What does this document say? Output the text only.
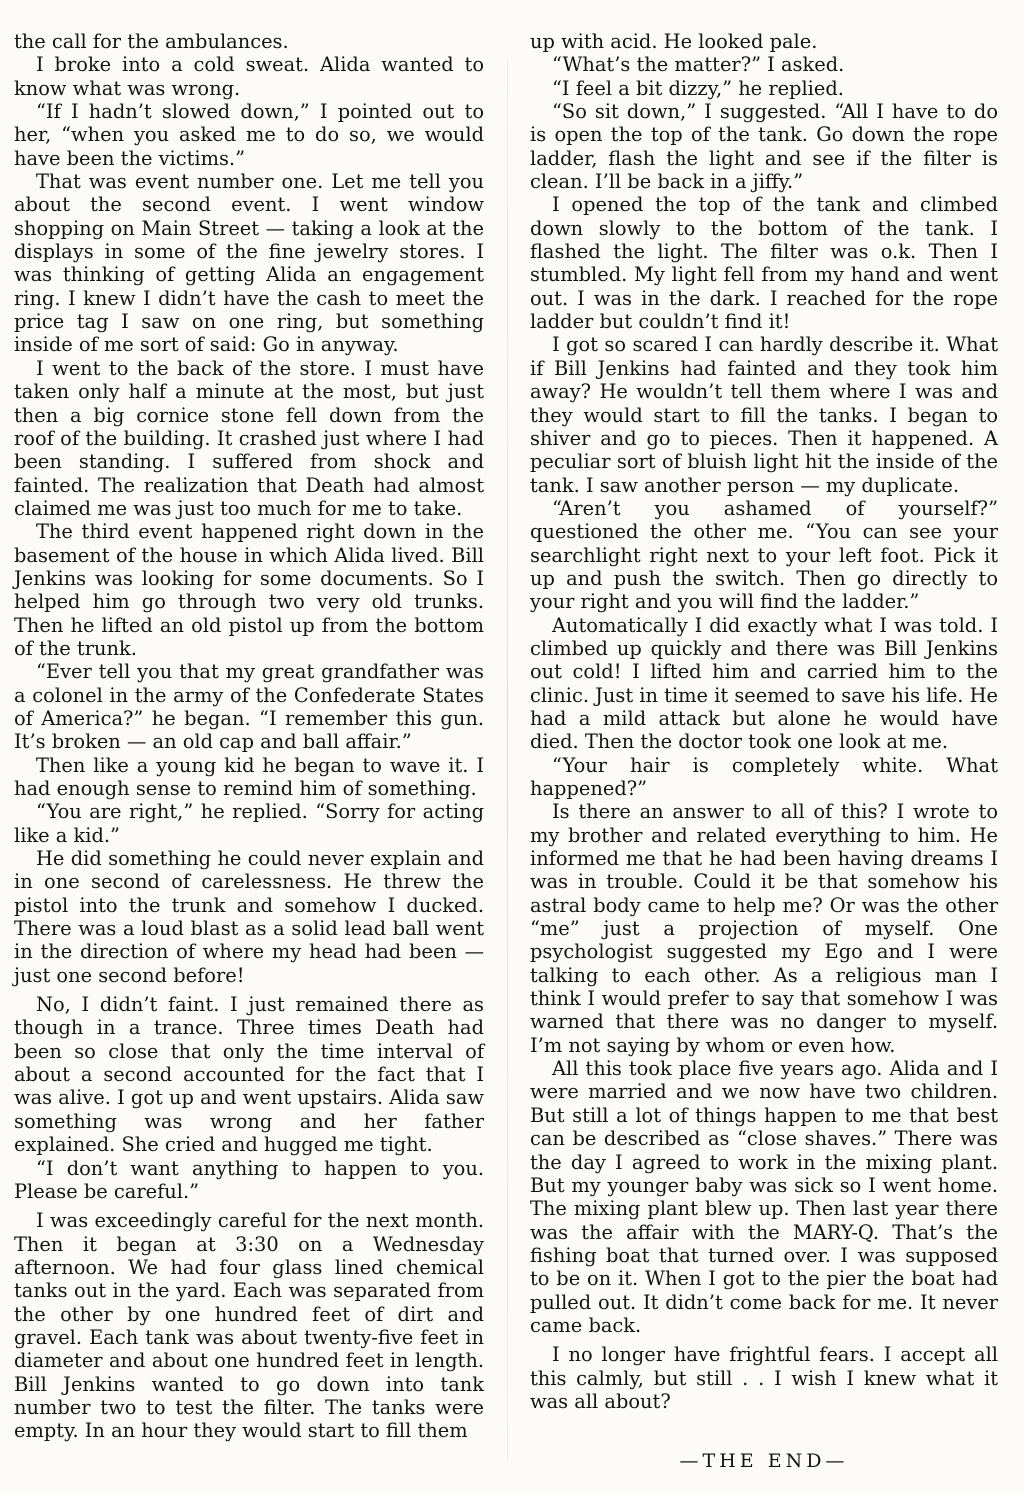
the call for the ambulances.

I broke into a cold sweat. Alida wanted to know what was wrong.

“If I hadn’t slowed down,” I pointed out to her, “when you asked me to do so, we would have been the victims.”

That was event number one. Let me tell you about the second event. I went window shopping on Main Street — taking a look at the displays in some of the fine jewelry stores. I was thinking of getting Alida an engagement ring. I knew I didn’t have the cash to meet the price tag I saw on one ring, but something inside of me sort of said: Go in anyway.

I went to the back of the store. I must have taken only half a minute at the most, but just then a big cornice stone fell down from the roof of the building. It crashed just where I had been standing. I suffered from shock and fainted. The realization that Death had almost claimed me was just too much for me to take.

The third event happened right down in the basement of the house in which Alida lived. Bill Jenkins was looking for some documents. So I helped him go through two very old trunks. Then he lifted an old pistol up from the bottom of the trunk.

“Ever tell you that my great grandfather was a colonel in the army of the Confederate States of America?” he began. “I remember this gun. It’s broken — an old cap and ball affair.”

Then like a young kid he began to wave it. I had enough sense to remind him of something.

“You are right,” he replied. “Sorry for acting like a kid.”

He did something he could never explain and in one second of carelessness. He threw the pistol into the trunk and somehow I ducked. There was a loud blast as a solid lead ball went in the direction of where my head had been — just one second before!

No, I didn’t faint. I just remained there as though in a trance. Three times Death had been so close that only the time interval of about a second accounted for the fact that I was alive. I got up and went upstairs. Alida saw something was wrong and her father explained. She cried and hugged me tight.

“I don’t want anything to happen to you. Please be careful.”

I was exceedingly careful for the next month. Then it began at 3:30 on a Wednesday afternoon. We had four glass lined chemical tanks out in the yard. Each was separated from the other by one hundred feet of dirt and gravel. Each tank was about twenty-five feet in diameter and about one hundred feet in length. Bill Jenkins wanted to go down into tank number two to test the filter. The tanks were empty. In an hour they would start to fill them

up with acid. He looked pale.

“What’s the matter?” I asked.

“I feel a bit dizzy,” he replied.

“So sit down,” I suggested. “All I have to do is open the top of the tank. Go down the rope ladder, flash the light and see if the filter is clean. I’ll be back in a jiffy.”

I opened the top of the tank and climbed down slowly to the bottom of the tank. I flashed the light. The filter was o.k. Then I stumbled. My light fell from my hand and went out. I was in the dark. I reached for the rope ladder but couldn’t find it!

I got so scared I can hardly describe it. What if Bill Jenkins had fainted and they took him away? He wouldn’t tell them where I was and they would start to fill the tanks. I began to shiver and go to pieces. Then it happened. A peculiar sort of bluish light hit the inside of the tank. I saw another person — my duplicate.

“Aren’t you ashamed of yourself?” questioned the other me. “You can see your searchlight right next to your left foot. Pick it up and push the switch. Then go directly to your right and you will find the ladder.”

Automatically I did exactly what I was told. I climbed up quickly and there was Bill Jenkins out cold! I lifted him and carried him to the clinic. Just in time it seemed to save his life. He had a mild attack but alone he would have died. Then the doctor took one look at me.

“Your hair is completely white. What happened?”

Is there an answer to all of this? I wrote to my brother and related everything to him. He informed me that he had been having dreams I was in trouble. Could it be that somehow his astral body came to help me? Or was the other “me” just a projection of myself. One psychologist suggested my Ego and I were talking to each other. As a religious man I think I would prefer to say that somehow I was warned that there was no danger to myself. I’m not saying by whom or even how.

All this took place five years ago. Alida and I were married and we now have two children. But still a lot of things happen to me that best can be described as “close shaves.” There was the day I agreed to work in the mixing plant. But my younger baby was sick so I went home. The mixing plant blew up. Then last year there was the affair with the MARY-Q. That’s the fishing boat that turned over. I was supposed to be on it. When I got to the pier the boat had pulled out. It didn’t come back for me. It never came back.

I no longer have frightful fears. I accept all this calmly, but still . . I wish I knew what it was all about?

—THE END—
